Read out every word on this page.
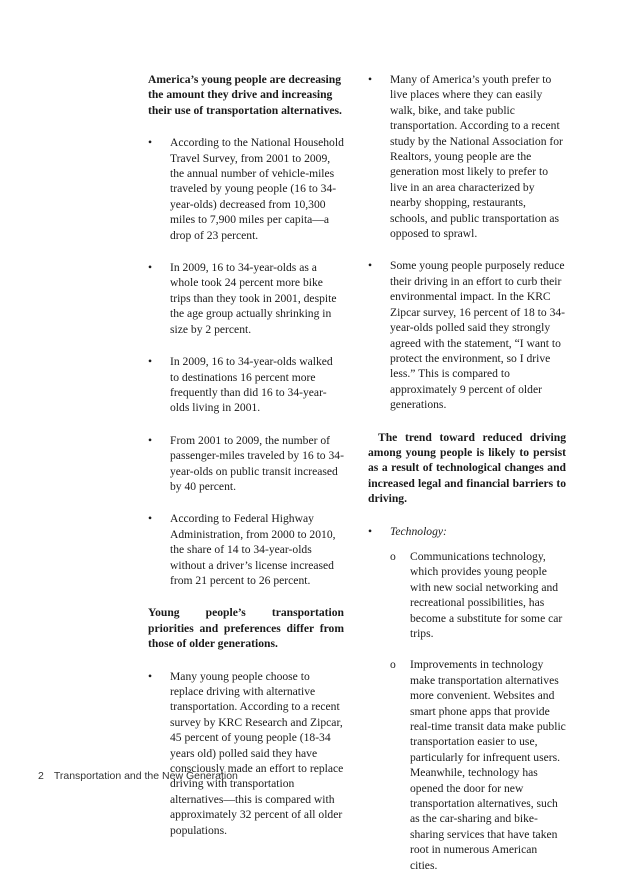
America’s young people are decreasing the amount they drive and increasing their use of transportation alternatives.

• According to the National Household Travel Survey, from 2001 to 2009, the annual number of vehicle-miles traveled by young people (16 to 34-year-olds) decreased from 10,300 miles to 7,900 miles per capita—a drop of 23 percent.
• In 2009, 16 to 34-year-olds as a whole took 24 percent more bike trips than they took in 2001, despite the age group actually shrinking in size by 2 percent.
• In 2009, 16 to 34-year-olds walked to destinations 16 percent more frequently than did 16 to 34-year-olds living in 2001.
• From 2001 to 2009, the number of passenger-miles traveled by 16 to 34-year-olds on public transit increased by 40 percent.
• According to Federal Highway Administration, from 2000 to 2010, the share of 14 to 34-year-olds without a driver’s license increased from 21 percent to 26 percent.

Young people’s transportation priorities and preferences differ from those of older generations.

• Many young people choose to replace driving with alternative transportation. According to a recent survey by KRC Research and Zipcar, 45 percent of young people (18-34 years old) polled said they have consciously made an effort to replace driving with transportation alternatives—this is compared with approximately 32 percent of all older populations.
• Many of America’s youth prefer to live places where they can easily walk, bike, and take public transportation. According to a recent study by the National Association for Realtors, young people are the generation most likely to prefer to live in an area characterized by nearby shopping, restaurants, schools, and public transportation as opposed to sprawl.
• Some young people purposely reduce their driving in an effort to curb their environmental impact. In the KRC Zipcar survey, 16 percent of 18 to 34-year-olds polled said they strongly agreed with the statement, “I want to protect the environment, so I drive less.” This is compared to approximately 9 percent of older generations.

The trend toward reduced driving among young people is likely to persist as a result of technological changes and increased legal and financial barriers to driving.

• Technology:
o Communications technology, which provides young people with new social networking and recreational possibilities, has become a substitute for some car trips.
o Improvements in technology make transportation alternatives more convenient. Websites and smart phone apps that provide real-time transit data make public transportation easier to use, particularly for infrequent users. Meanwhile, technology has opened the door for new transportation alternatives, such as the car-sharing and bike-sharing services that have taken root in numerous American cities.
2 Transportation and the New Generation
